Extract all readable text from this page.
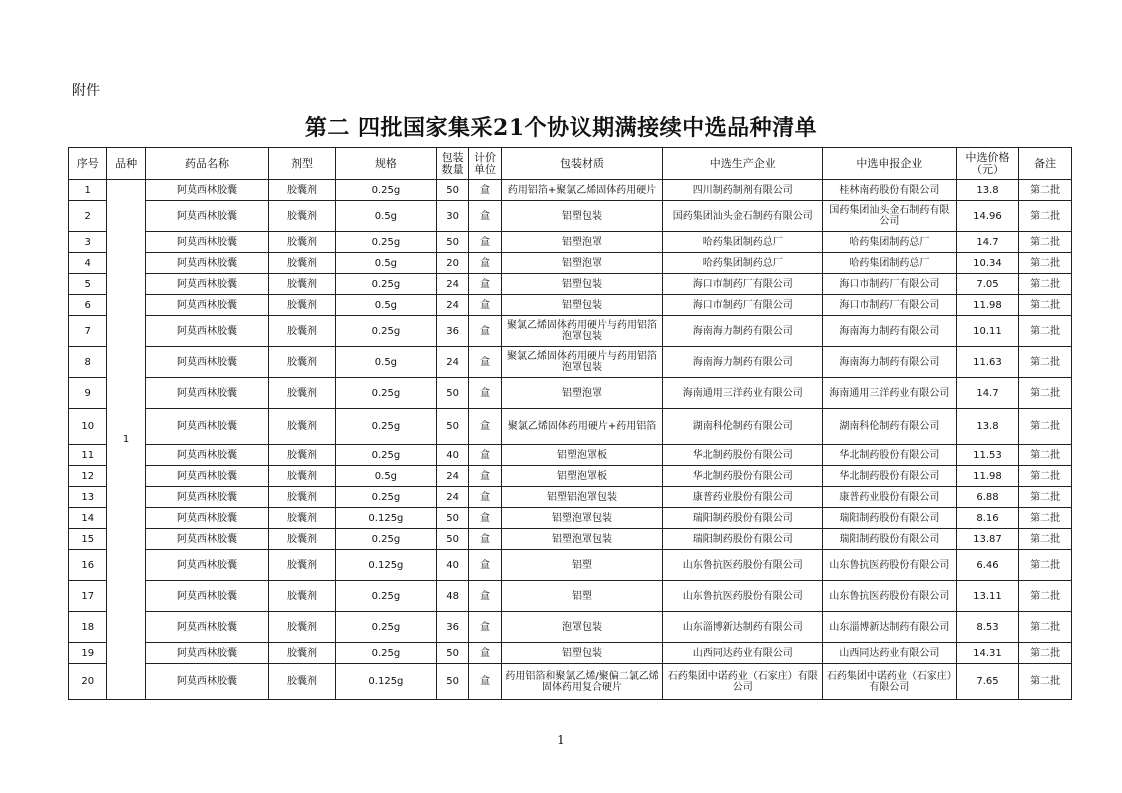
附件
第二 四批国家集采21个协议期满接续中选品种清单
序号	品种	药品名称	剂型	规格	包装数量	计价单位	包装材质	中选生产企业	中选申报企业	中选价格（元）	备注
1	1	阿莫西林胶囊	胶囊剂	0.25g	50	盒	药用铝箔+聚氯乙烯固体药用硬片	四川制药制剂有限公司	桂林南药股份有限公司	13.8	第二批
2		阿莫西林胶囊	胶囊剂	0.5g	30	盒	铝塑包装	国药集团汕头金石制药有限公司	国药集团汕头金石制药有限公司	14.96	第二批
3		阿莫西林胶囊	胶囊剂	0.25g	50	盒	铝塑泡罩	哈药集团制药总厂	哈药集团制药总厂	14.7	第二批
4		阿莫西林胶囊	胶囊剂	0.5g	20	盒	铝塑泡罩	哈药集团制药总厂	哈药集团制药总厂	10.34	第二批
5		阿莫西林胶囊	胶囊剂	0.25g	24	盒	铝塑包装	海口市制药厂有限公司	海口市制药厂有限公司	7.05	第二批
6		阿莫西林胶囊	胶囊剂	0.5g	24	盒	铝塑包装	海口市制药厂有限公司	海口市制药厂有限公司	11.98	第二批
7		阿莫西林胶囊	胶囊剂	0.25g	36	盒	聚氯乙烯固体药用硬片与药用铝箔泡罩包装	海南海力制药有限公司	海南海力制药有限公司	10.11	第二批
8		阿莫西林胶囊	胶囊剂	0.5g	24	盒	聚氯乙烯固体药用硬片与药用铝箔泡罩包装	海南海力制药有限公司	海南海力制药有限公司	11.63	第二批
9		阿莫西林胶囊	胶囊剂	0.25g	50	盒	铝塑泡罩	海南通用三洋药业有限公司	海南通用三洋药业有限公司	14.7	第二批
10		阿莫西林胶囊	胶囊剂	0.25g	50	盒	聚氯乙烯固体药用硬片+药用铝箔	湖南科伦制药有限公司	湖南科伦制药有限公司	13.8	第二批
11		阿莫西林胶囊	胶囊剂	0.25g	40	盒	铝塑泡罩板	华北制药股份有限公司	华北制药股份有限公司	11.53	第二批
12		阿莫西林胶囊	胶囊剂	0.5g	24	盒	铝塑泡罩板	华北制药股份有限公司	华北制药股份有限公司	11.98	第二批
13		阿莫西林胶囊	胶囊剂	0.25g	24	盒	铝塑铝泡罩包装	康普药业股份有限公司	康普药业股份有限公司	6.88	第二批
14		阿莫西林胶囊	胶囊剂	0.125g	50	盒	铝塑泡罩包装	瑞阳制药股份有限公司	瑞阳制药股份有限公司	8.16	第二批
15		阿莫西林胶囊	胶囊剂	0.25g	50	盒	铝塑泡罩包装	瑞阳制药股份有限公司	瑞阳制药股份有限公司	13.87	第二批
16		阿莫西林胶囊	胶囊剂	0.125g	40	盒	铝塑	山东鲁抗医药股份有限公司	山东鲁抗医药股份有限公司	6.46	第二批
17		阿莫西林胶囊	胶囊剂	0.25g	48	盒	铝塑	山东鲁抗医药股份有限公司	山东鲁抗医药股份有限公司	13.11	第二批
18		阿莫西林胶囊	胶囊剂	0.25g	36	盒	泡罩包装	山东淄博新达制药有限公司	山东淄博新达制药有限公司	8.53	第二批
19		阿莫西林胶囊	胶囊剂	0.25g	50	盒	铝塑包装	山西同达药业有限公司	山西同达药业有限公司	14.31	第二批
20		阿莫西林胶囊	胶囊剂	0.125g	50	盒	药用铝箔和聚氯乙烯/聚偏二氯乙烯固体药用复合硬片	石药集团中诺药业（石家庄）有限公司	石药集团中诺药业（石家庄）有限公司	7.65	第二批
1
